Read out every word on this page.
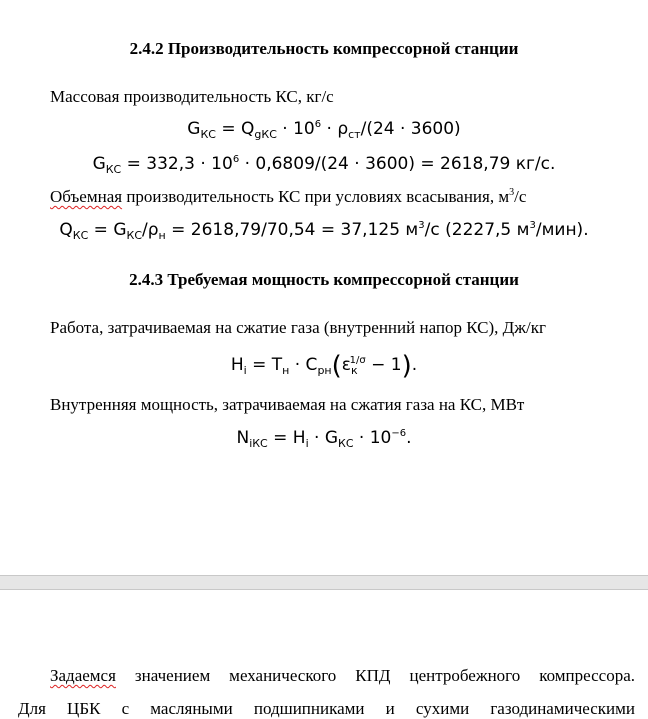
2.4.2 Производительность компрессорной станции
Массовая производительность КС, кг/с
$G_{КС} = Q_{gКС} \cdot 10^6 \cdot \rho_{ст}/(24 \cdot 3600)$
$G_{КС} = 332,3 \cdot 10^6 \cdot 0,6809/(24 \cdot 3600) = 2618,79$ кг/с.
Объемная производительность КС при условиях всасывания, $м^3/с$
$Q_{КС} = G_{КС}/\rho_н = 2618,79/70,54 = 37,125$ $м^3/с$ (2227,5 $м^3/мин$).
2.4.3 Требуемая мощность компрессорной станции
Работа, затрачиваемая на сжатие газа (внутренний напор КС), Дж/кг
$H_i = T_н \cdot C_{рн}(\varepsilon_к^{1/\sigma} - 1)$.
Внутренняя мощность, затрачиваемая на сжатия газа на КС, МВт
$N_{iКС} = H_i \cdot G_{КС} \cdot 10^{-6}$.
Задаемся значением механического КПД центробежного компрессора.
Для ЦБК с масляными подшипниками и сухими газодинамическими
